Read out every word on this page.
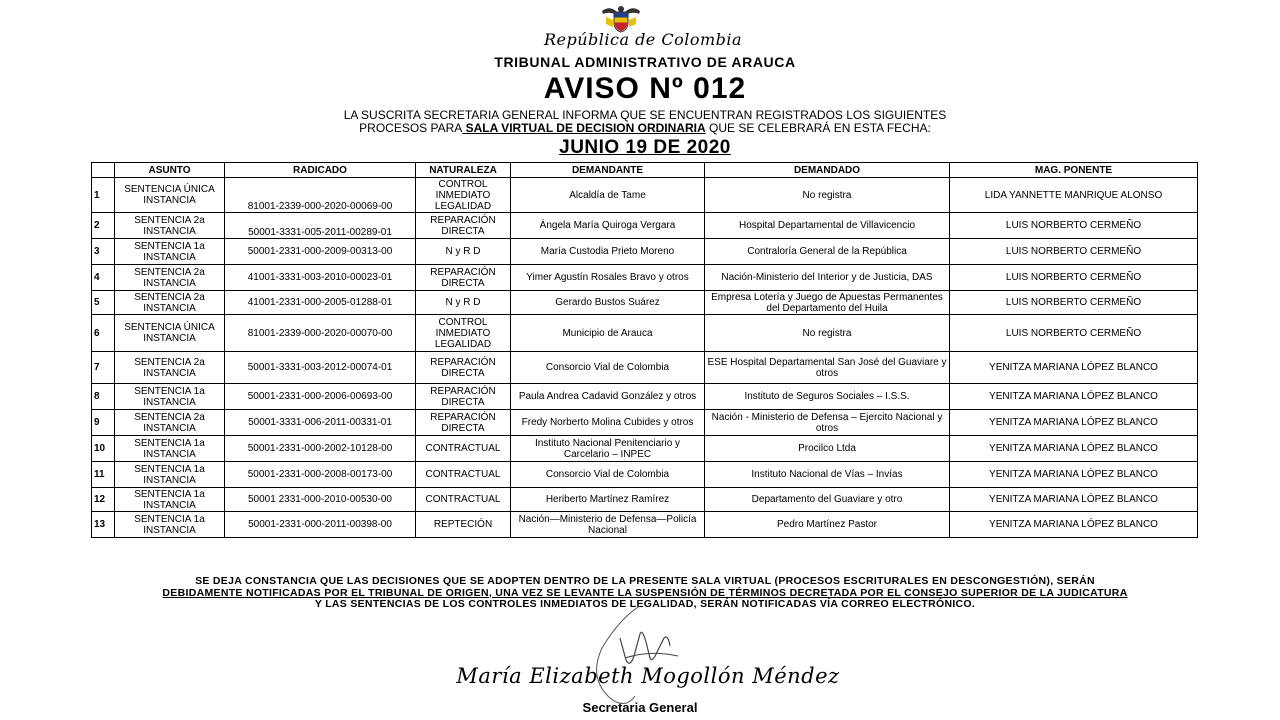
República de Colombia
TRIBUNAL ADMINISTRATIVO DE ARAUCA
AVISO Nº 012
LA SUSCRITA SECRETARIA GENERAL INFORMA QUE SE ENCUENTRAN REGISTRADOS LOS SIGUIENTES
PROCESOS PARA SALA VIRTUAL DE DECISION ORDINARIA QUE SE CELEBRARÁ EN ESTA FECHA:
JUNIO 19 DE 2020
	ASUNTO	RADICADO	NATURALEZA	DEMANDANTE	DEMANDADO	MAG. PONENTE
1	SENTENCIA ÚNICA INSTANCIA	81001-2339-000-2020-00069-00	CONTROL INMEDIATO LEGALIDAD	Alcaldía de Tame	No registra	LIDA YANNETTE MANRIQUE ALONSO
2	SENTENCIA 2a INSTANCIA	50001-3331-005-2011-00289-01	REPARACIÓN DIRECTA	Ángela María Quiroga Vergara	Hospital Departamental de Villavicencio	LUIS NORBERTO CERMEÑO
3	SENTENCIA 1a INSTANCIA	50001-2331-000-2009-00313-00	N y R D	María Custodia Prieto Moreno	Contraloría General de la República	LUIS NORBERTO CERMEÑO
4	SENTENCIA 2a INSTANCIA	41001-3331-003-2010-00023-01	REPARACIÓN DIRECTA	Yimer Agustín Rosales Bravo y otros	Nación-Ministerio del Interior y de Justicia, DAS	LUIS NORBERTO CERMEÑO
5	SENTENCIA 2a INSTANCIA	41001-2331-000-2005-01288-01	N y R D	Gerardo Bustos Suárez	Empresa Lotería y Juego de Apuestas Permanentes del Departamento del Huila	LUIS NORBERTO CERMEÑO
6	SENTENCIA ÚNICA INSTANCIA	81001-2339-000-2020-00070-00	CONTROL INMEDIATO LEGALIDAD	Municipio de Arauca	No registra	LUIS NORBERTO CERMEÑO
7	SENTENCIA 2a INSTANCIA	50001-3331-003-2012-00074-01	REPARACIÓN DIRECTA	Consorcio Vial de Colombia	ESE Hospital Departamental San José del Guaviare y otros	YENITZA MARIANA LÓPEZ BLANCO
8	SENTENCIA 1a INSTANCIA	50001-2331-000-2006-00693-00	REPARACIÓN DIRECTA	Paula Andrea Cadavid González y otros	Instituto de Seguros Sociales – I.S.S.	YENITZA MARIANA LÓPEZ BLANCO
9	SENTENCIA 2a INSTANCIA	50001-3331-006-2011-00331-01	REPARACIÓN DIRECTA	Fredy Norberto Molina Cubides y otros	Nación - Ministerio de Defensa – Ejercito Nacional y otros	YENITZA MARIANA LÓPEZ BLANCO
10	SENTENCIA 1a INSTANCIA	50001-2331-000-2002-10128-00	CONTRACTUAL	Instituto Nacional Penitenciario y Carcelario – INPEC	Procilco Ltda	YENITZA MARIANA LÓPEZ BLANCO
11	SENTENCIA 1a INSTANCIA	50001-2331-000-2008-00173-00	CONTRACTUAL	Consorcio Vial de Colombia	Instituto Nacional de Vías – Invías	YENITZA MARIANA LÓPEZ BLANCO
12	SENTENCIA 1a INSTANCIA	50001 2331-000-2010-00530-00	CONTRACTUAL	Heriberto Martínez Ramírez	Departamento del Guaviare y otro	YENITZA MARIANA LÓPEZ BLANCO
13	SENTENCIA 1a INSTANCIA	50001-2331-000-2011-00398-00	REPTECIÓN	Nación—Ministerio de Defensa—Policía Nacional	Pedro Martínez Pastor	YENITZA MARIANA LÓPEZ BLANCO
SE DEJA CONSTANCIA QUE LAS DECISIONES QUE SE ADOPTEN DENTRO DE LA PRESENTE SALA VIRTUAL (PROCESOS ESCRITURALES EN DESCONGESTIÓN), SERÁN
DEBIDAMENTE NOTIFICADAS POR EL TRIBUNAL DE ORIGEN, UNA VEZ SE LEVANTE LA SUSPENSIÓN DE TÉRMINOS DECRETADA POR EL CONSEJO SUPERIOR DE LA JUDICATURA
Y LAS SENTENCIAS DE LOS CONTROLES INMEDIATOS DE LEGALIDAD, SERÁN NOTIFICADAS VÍA CORREO ELECTRÓNICO.
María Elizabeth Mogollón Méndez
Secretaria General
